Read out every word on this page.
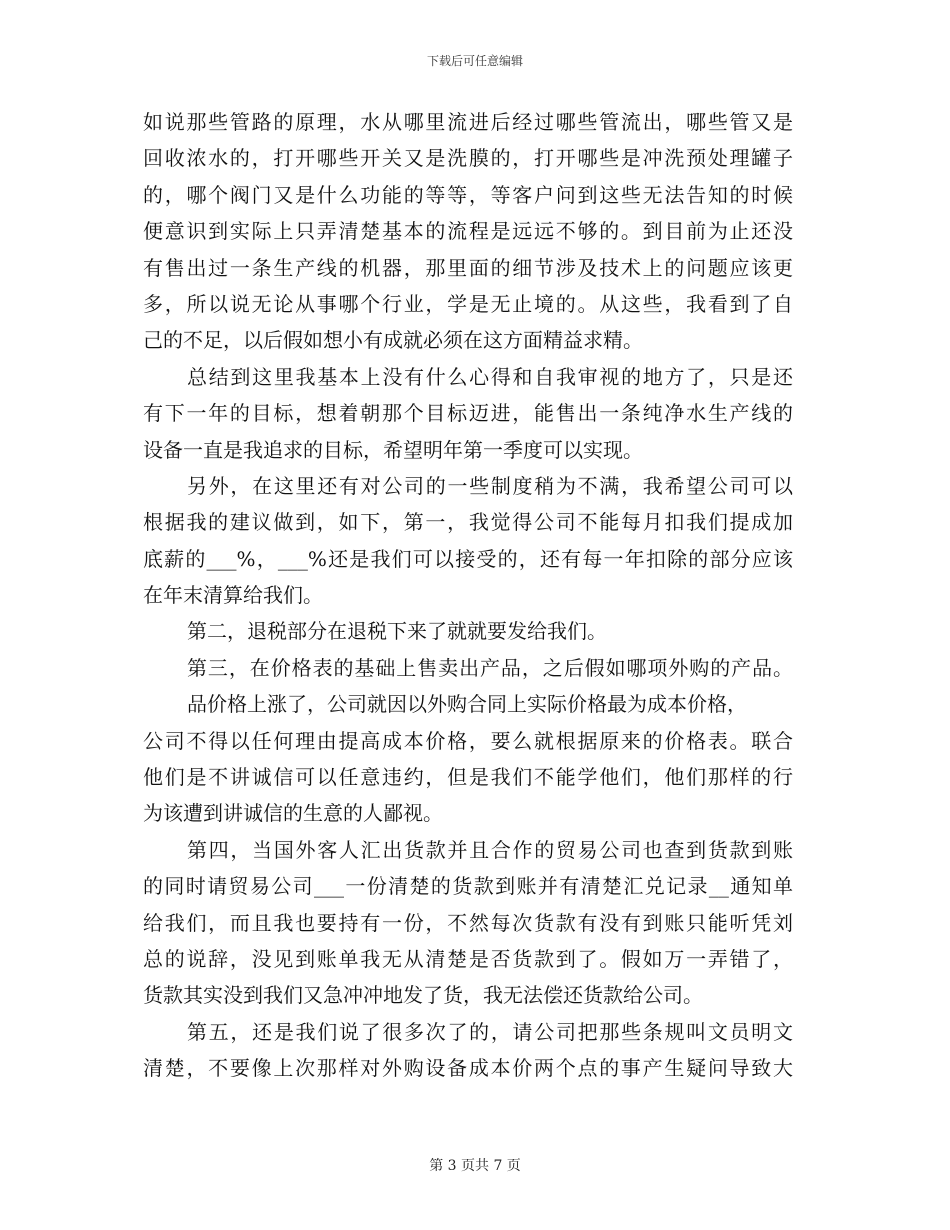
下载后可任意编辑
如说那些管路的原理，水从哪里流进后经过哪些管流出，哪些管又是
回收浓水的，打开哪些开关又是洗膜的，打开哪些是冲洗预处理罐子
的，哪个阀门又是什么功能的等等，等客户问到这些无法告知的时候
便意识到实际上只弄清楚基本的流程是远远不够的。到目前为止还没
有售出过一条生产线的机器，那里面的细节涉及技术上的问题应该更
多，所以说无论从事哪个行业，学是无止境的。从这些，我看到了自
己的不足，以后假如想小有成就必须在这方面精益求精。
总结到这里我基本上没有什么心得和自我审视的地方了，只是还
有下一年的目标，想着朝那个目标迈进，能售出一条纯净水生产线的
设备一直是我追求的目标，希望明年第一季度可以实现。
另外，在这里还有对公司的一些制度稍为不满，我希望公司可以
根据我的建议做到，如下，第一，我觉得公司不能每月扣我们提成加
底薪的___%，___%还是我们可以接受的，还有每一年扣除的部分应该
在年末清算给我们。
第二，退税部分在退税下来了就就要发给我们。
第三，在价格表的基础上售卖出产品，之后假如哪项外购的产品。
品价格上涨了，公司就因以外购合同上实际价格最为成本价格，
公司不得以任何理由提高成本价格，要么就根据原来的价格表。联合
他们是不讲诚信可以任意违约，但是我们不能学他们，他们那样的行
为该遭到讲诚信的生意的人鄙视。
第四，当国外客人汇出货款并且合作的贸易公司也查到货款到账
的同时请贸易公司___一份清楚的货款到账并有清楚汇兑记录__通知单
给我们，而且我也要持有一份，不然每次货款有没有到账只能听凭刘
总的说辞，没见到账单我无从清楚是否货款到了。假如万一弄错了，
货款其实没到我们又急冲冲地发了货，我无法偿还货款给公司。
第五，还是我们说了很多次了的，请公司把那些条规叫文员明文
清楚，不要像上次那样对外购设备成本价两个点的事产生疑问导致大
第 3 页共 7 页
